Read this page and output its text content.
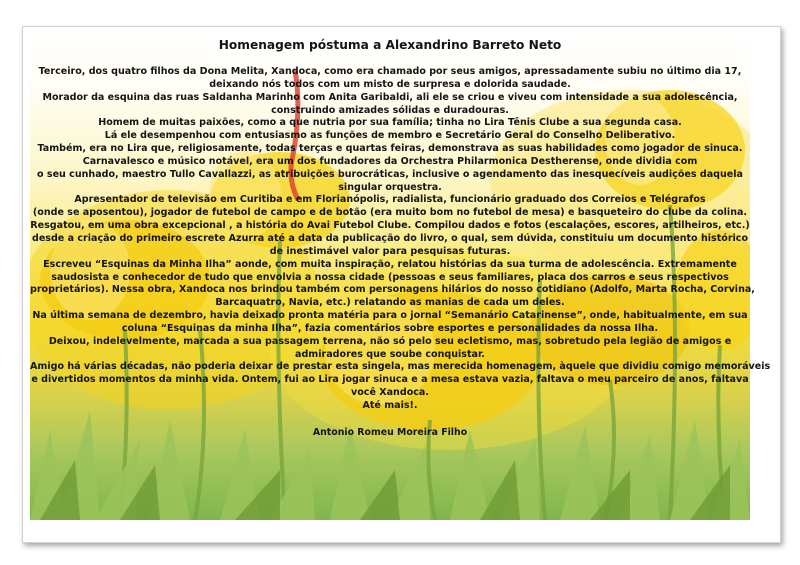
Homenagem póstuma a Alexandrino Barreto Neto
Terceiro, dos quatro filhos da Dona Melita, Xandoca, como era chamado por seus amigos, apressadamente subiu no último dia 17,
deixando nós todos com um misto de surpresa e dolorida saudade.
Morador da esquina das ruas Saldanha Marinho com Anita Garibaldi, ali ele se criou e viveu com intensidade a sua adolescência,
construindo amizades sólidas e duradouras.
Homem de muitas paixões, como a que nutria por sua família; tinha no Lira Tênis Clube a sua segunda casa.
Lá ele desempenhou com entusiasmo as funções de membro e Secretário Geral do Conselho Deliberativo.
Também, era no Lira que, religiosamente, todas terças e quartas feiras, demonstrava as suas habilidades como jogador de sinuca.
Carnavalesco e músico notável, era um dos fundadores da Orchestra Philarmonica Destherense, onde dividia com
o seu cunhado, maestro Tullo Cavallazzi, as atribuições burocráticas, inclusive o agendamento das inesquecíveis audições daquela
singular orquestra.
Apresentador de televisão em Curitiba e em Florianópolis, radialista, funcionário graduado dos Correios e Telégrafos
(onde se aposentou), jogador de futebol de campo e de botão (era muito bom no futebol de mesa) e basqueteiro do clube da colina.
Resgatou, em uma obra excepcional , a história do Avai Futebol Clube. Compilou dados e fotos (escalações, escores, artilheiros, etc.)
desde a criação do primeiro escrete Azurra até a data da publicação do livro, o qual, sem dúvida, constituiu um documento histórico
de inestimável valor para pesquisas futuras.
Escreveu “Esquinas da Minha Ilha” aonde, com muita inspiração, relatou histórias da sua turma de adolescência. Extremamente
saudosista e conhecedor de tudo que envolvia a nossa cidade (pessoas e seus familiares, placa dos carros e seus respectivos
proprietários). Nessa obra, Xandoca nos brindou também com personagens hilários do nosso cotidiano (Adolfo, Marta Rocha, Corvina,
Barcaquatro, Navia, etc.) relatando as manias de cada um deles.
Na última semana de dezembro, havia deixado pronta matéria para o jornal “Semanário Catarinense”, onde, habitualmente, em sua
coluna “Esquinas da minha Ilha”, fazia comentários sobre esportes e personalidades da nossa Ilha.
Deixou, indelevelmente, marcada a sua passagem terrena, não só pelo seu ecletismo, mas, sobretudo pela legião de amigos e
admiradores que soube conquistar.
Amigo há várias décadas, não poderia deixar de prestar esta singela, mas merecida homenagem, àquele que dividiu comigo memoráveis
e divertidos momentos da minha vida. Ontem, fui ao Lira jogar sinuca e a mesa estava vazia, faltava o meu parceiro de anos, faltava
você Xandoca.
Até mais!.
Antonio Romeu Moreira Filho
